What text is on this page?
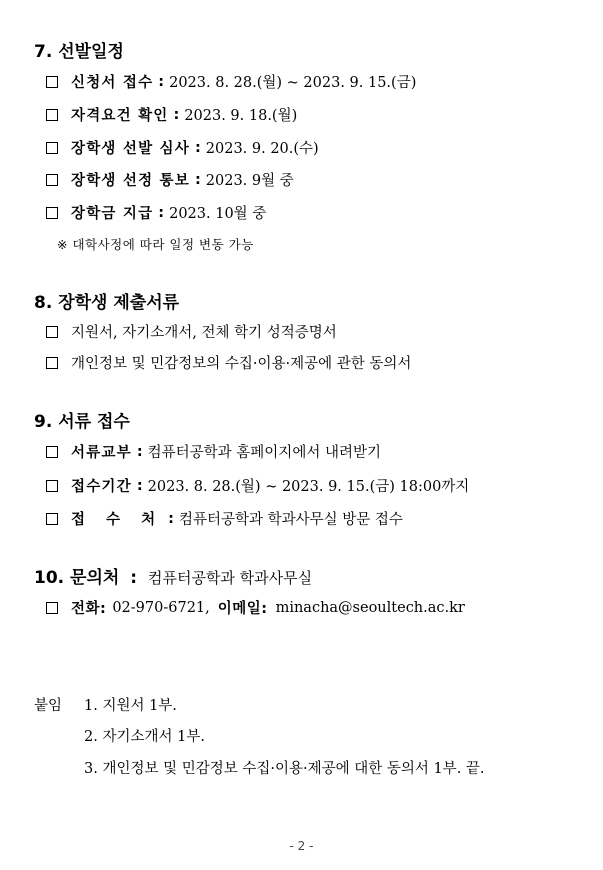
7. 선발일정
신청서 접수 : 2023. 8. 28.(월) ~ 2023. 9. 15.(금)
자격요건 확인 : 2023. 9. 18.(월)
장학생 선발 심사 : 2023. 9. 20.(수)
장학생 선정 통보 : 2023. 9월 중
장학금 지급 : 2023. 10월 중
※ 대학사정에 따라 일정 변동 가능
8. 장학생 제출서류
지원서, 자기소개서, 전체 학기 성적증명서
개인정보 및 민감정보의 수집·이용·제공에 관한 동의서
9. 서류 접수
서류교부 : 컴퓨터공학과 홈페이지에서 내려받기
접수기간 : 2023. 8. 28.(월) ~ 2023. 9. 15.(금) 18:00까지
접 수 처 : 컴퓨터공학과 학과사무실 방문 접수
10. 문의처 : 컴퓨터공학과 학과사무실
전화: 02-970-6721, 이메일: minacha@seoultech.ac.kr
붙임 1. 지원서 1부.
2. 자기소개서 1부.
3. 개인정보 및 민감정보 수집·이용·제공에 대한 동의서 1부. 끝.
- 2 -
